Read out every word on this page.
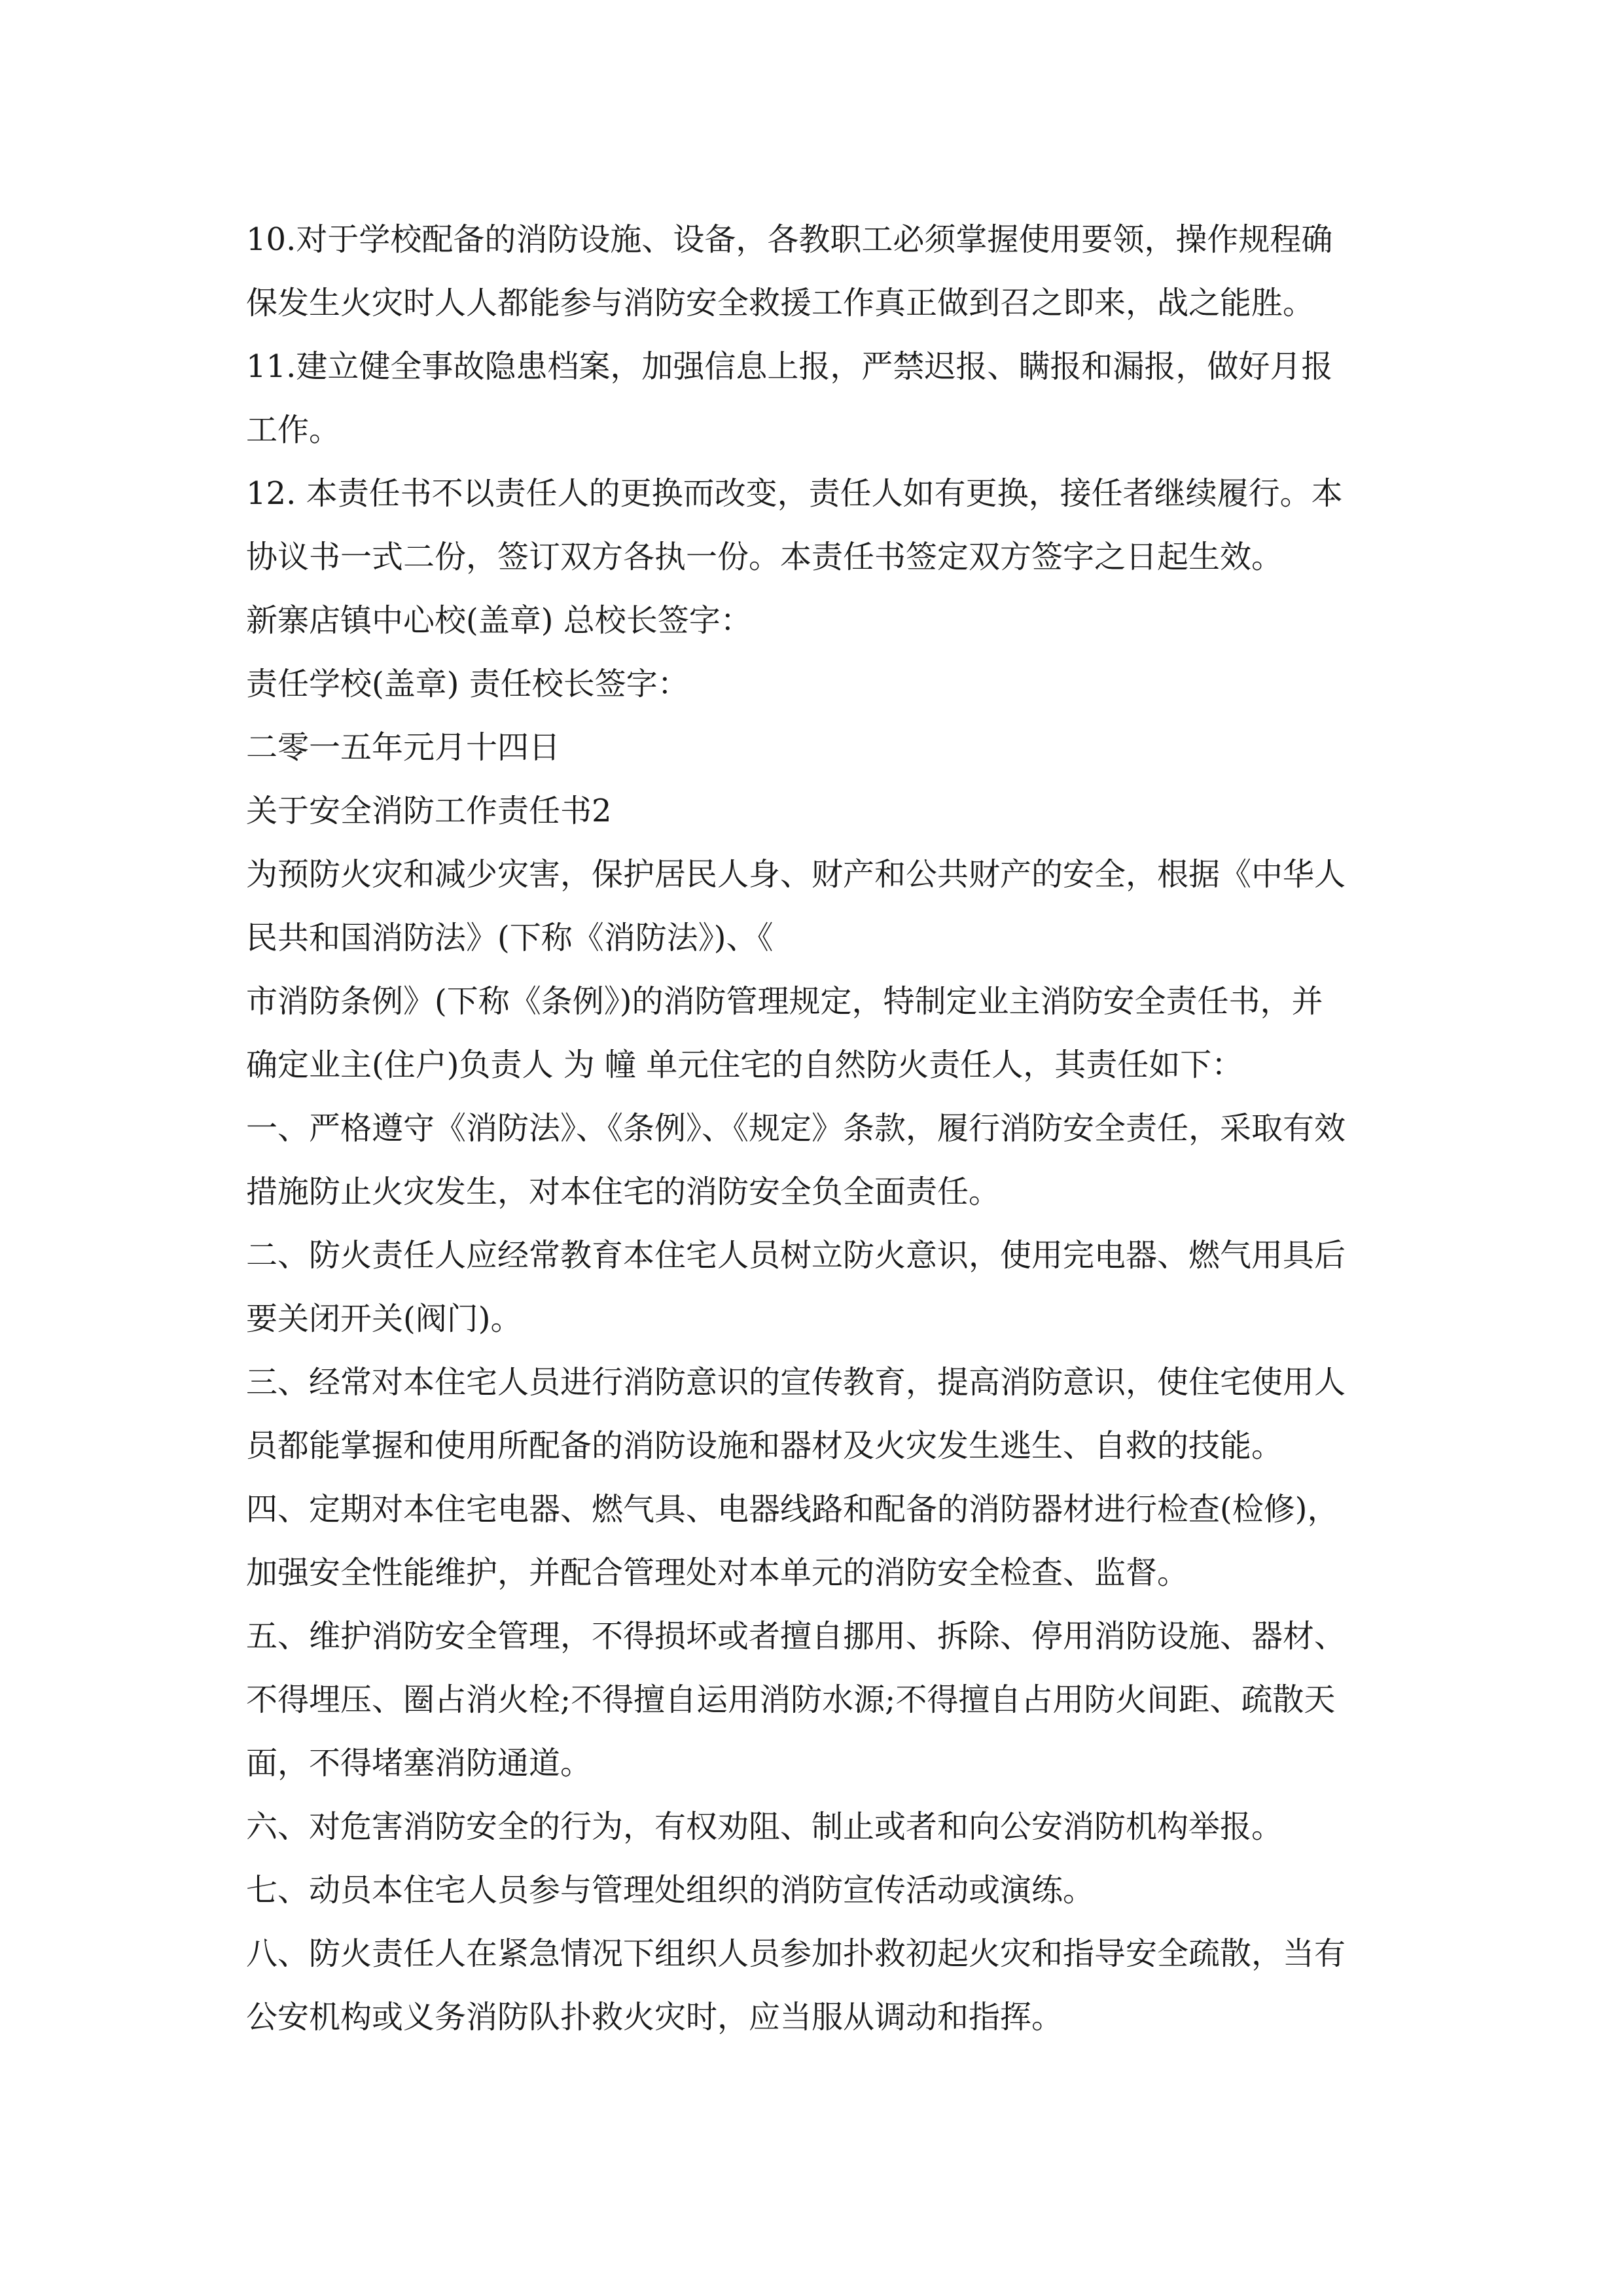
10.对于学校配备的消防设施、设备，各教职工必须掌握使用要领，操作规程确
保发生火灾时人人都能参与消防安全救援工作真正做到召之即来，战之能胜。
11.建立健全事故隐患档案，加强信息上报，严禁迟报、瞒报和漏报，做好月报
工作。
12. 本责任书不以责任人的更换而改变，责任人如有更换，接任者继续履行。本
协议书一式二份，签订双方各执一份。本责任书签定双方签字之日起生效。
新寨店镇中心校(盖章) 总校长签字：
责任学校(盖章) 责任校长签字：
二零一五年元月十四日
关于安全消防工作责任书2
为预防火灾和减少灾害，保护居民人身、财产和公共财产的安全，根据《中华人
民共和国消防法》(下称《消防法》)、《
市消防条例》(下称《条例》)的消防管理规定，特制定业主消防安全责任书，并
确定业主(住户)负责人 为 幢 单元住宅的自然防火责任人，其责任如下：
一、严格遵守《消防法》、《条例》、《规定》条款，履行消防安全责任，采取有效
措施防止火灾发生，对本住宅的消防安全负全面责任。
二、防火责任人应经常教育本住宅人员树立防火意识，使用完电器、燃气用具后
要关闭开关(阀门)。
三、经常对本住宅人员进行消防意识的宣传教育，提高消防意识，使住宅使用人
员都能掌握和使用所配备的消防设施和器材及火灾发生逃生、自救的技能。
四、定期对本住宅电器、燃气具、电器线路和配备的消防器材进行检查(检修)，
加强安全性能维护，并配合管理处对本单元的消防安全检查、监督。
五、维护消防安全管理，不得损坏或者擅自挪用、拆除、停用消防设施、器材、
不得埋压、圈占消火栓;不得擅自运用消防水源;不得擅自占用防火间距、疏散天
面，不得堵塞消防通道。
六、对危害消防安全的行为，有权劝阻、制止或者和向公安消防机构举报。
七、动员本住宅人员参与管理处组织的消防宣传活动或演练。
八、防火责任人在紧急情况下组织人员参加扑救初起火灾和指导安全疏散，当有
公安机构或义务消防队扑救火灾时，应当服从调动和指挥。
